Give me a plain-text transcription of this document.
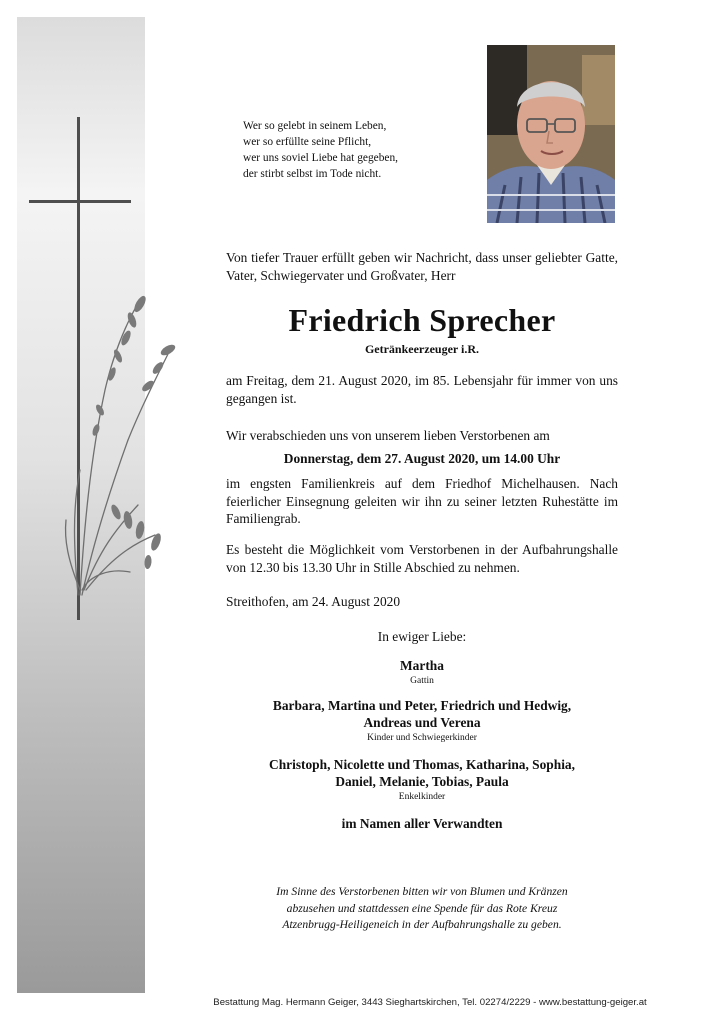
Wer so gelebt in seinem Leben,
wer so erfüllte seine Pflicht,
wer uns soviel Liebe hat gegeben,
der stirbt selbst im Tode nicht.
Von tiefer Trauer erfüllt geben wir Nachricht, dass unser geliebter Gatte, Vater, Schwiegervater und Großvater, Herr
Friedrich Sprecher
Getränkeerzeuger i.R.
am Freitag, dem 21. August 2020, im 85. Lebensjahr für immer von uns gegangen ist.
Wir verabschieden uns von unserem lieben Verstorbenen am
Donnerstag, dem 27. August 2020, um 14.00 Uhr
im engsten Familienkreis auf dem Friedhof Michelhausen. Nach feierlicher Einsegnung geleiten wir ihn zu seiner letzten Ruhestätte im Familiengrab.
Es besteht die Möglichkeit vom Verstorbenen in der Aufbahrungshalle von 12.30 bis 13.30 Uhr in Stille Abschied zu nehmen.
Streithofen, am 24. August 2020
In ewiger Liebe:
Martha
Gattin
Barbara, Martina und Peter, Friedrich und Hedwig,
Andreas und Verena
Kinder und Schwiegerkinder
Christoph, Nicolette und Thomas, Katharina, Sophia,
Daniel, Melanie, Tobias, Paula
Enkelkinder
im Namen aller Verwandten
Im Sinne des Verstorbenen bitten wir von Blumen und Kränzen
abzusehen und stattdessen eine Spende für das Rote Kreuz
Atzenbrugg-Heiligeneich in der Aufbahrungshalle zu geben.
Bestattung Mag. Hermann Geiger, 3443 Sieghartskirchen, Tel. 02274/2229 - www.bestattung-geiger.at
